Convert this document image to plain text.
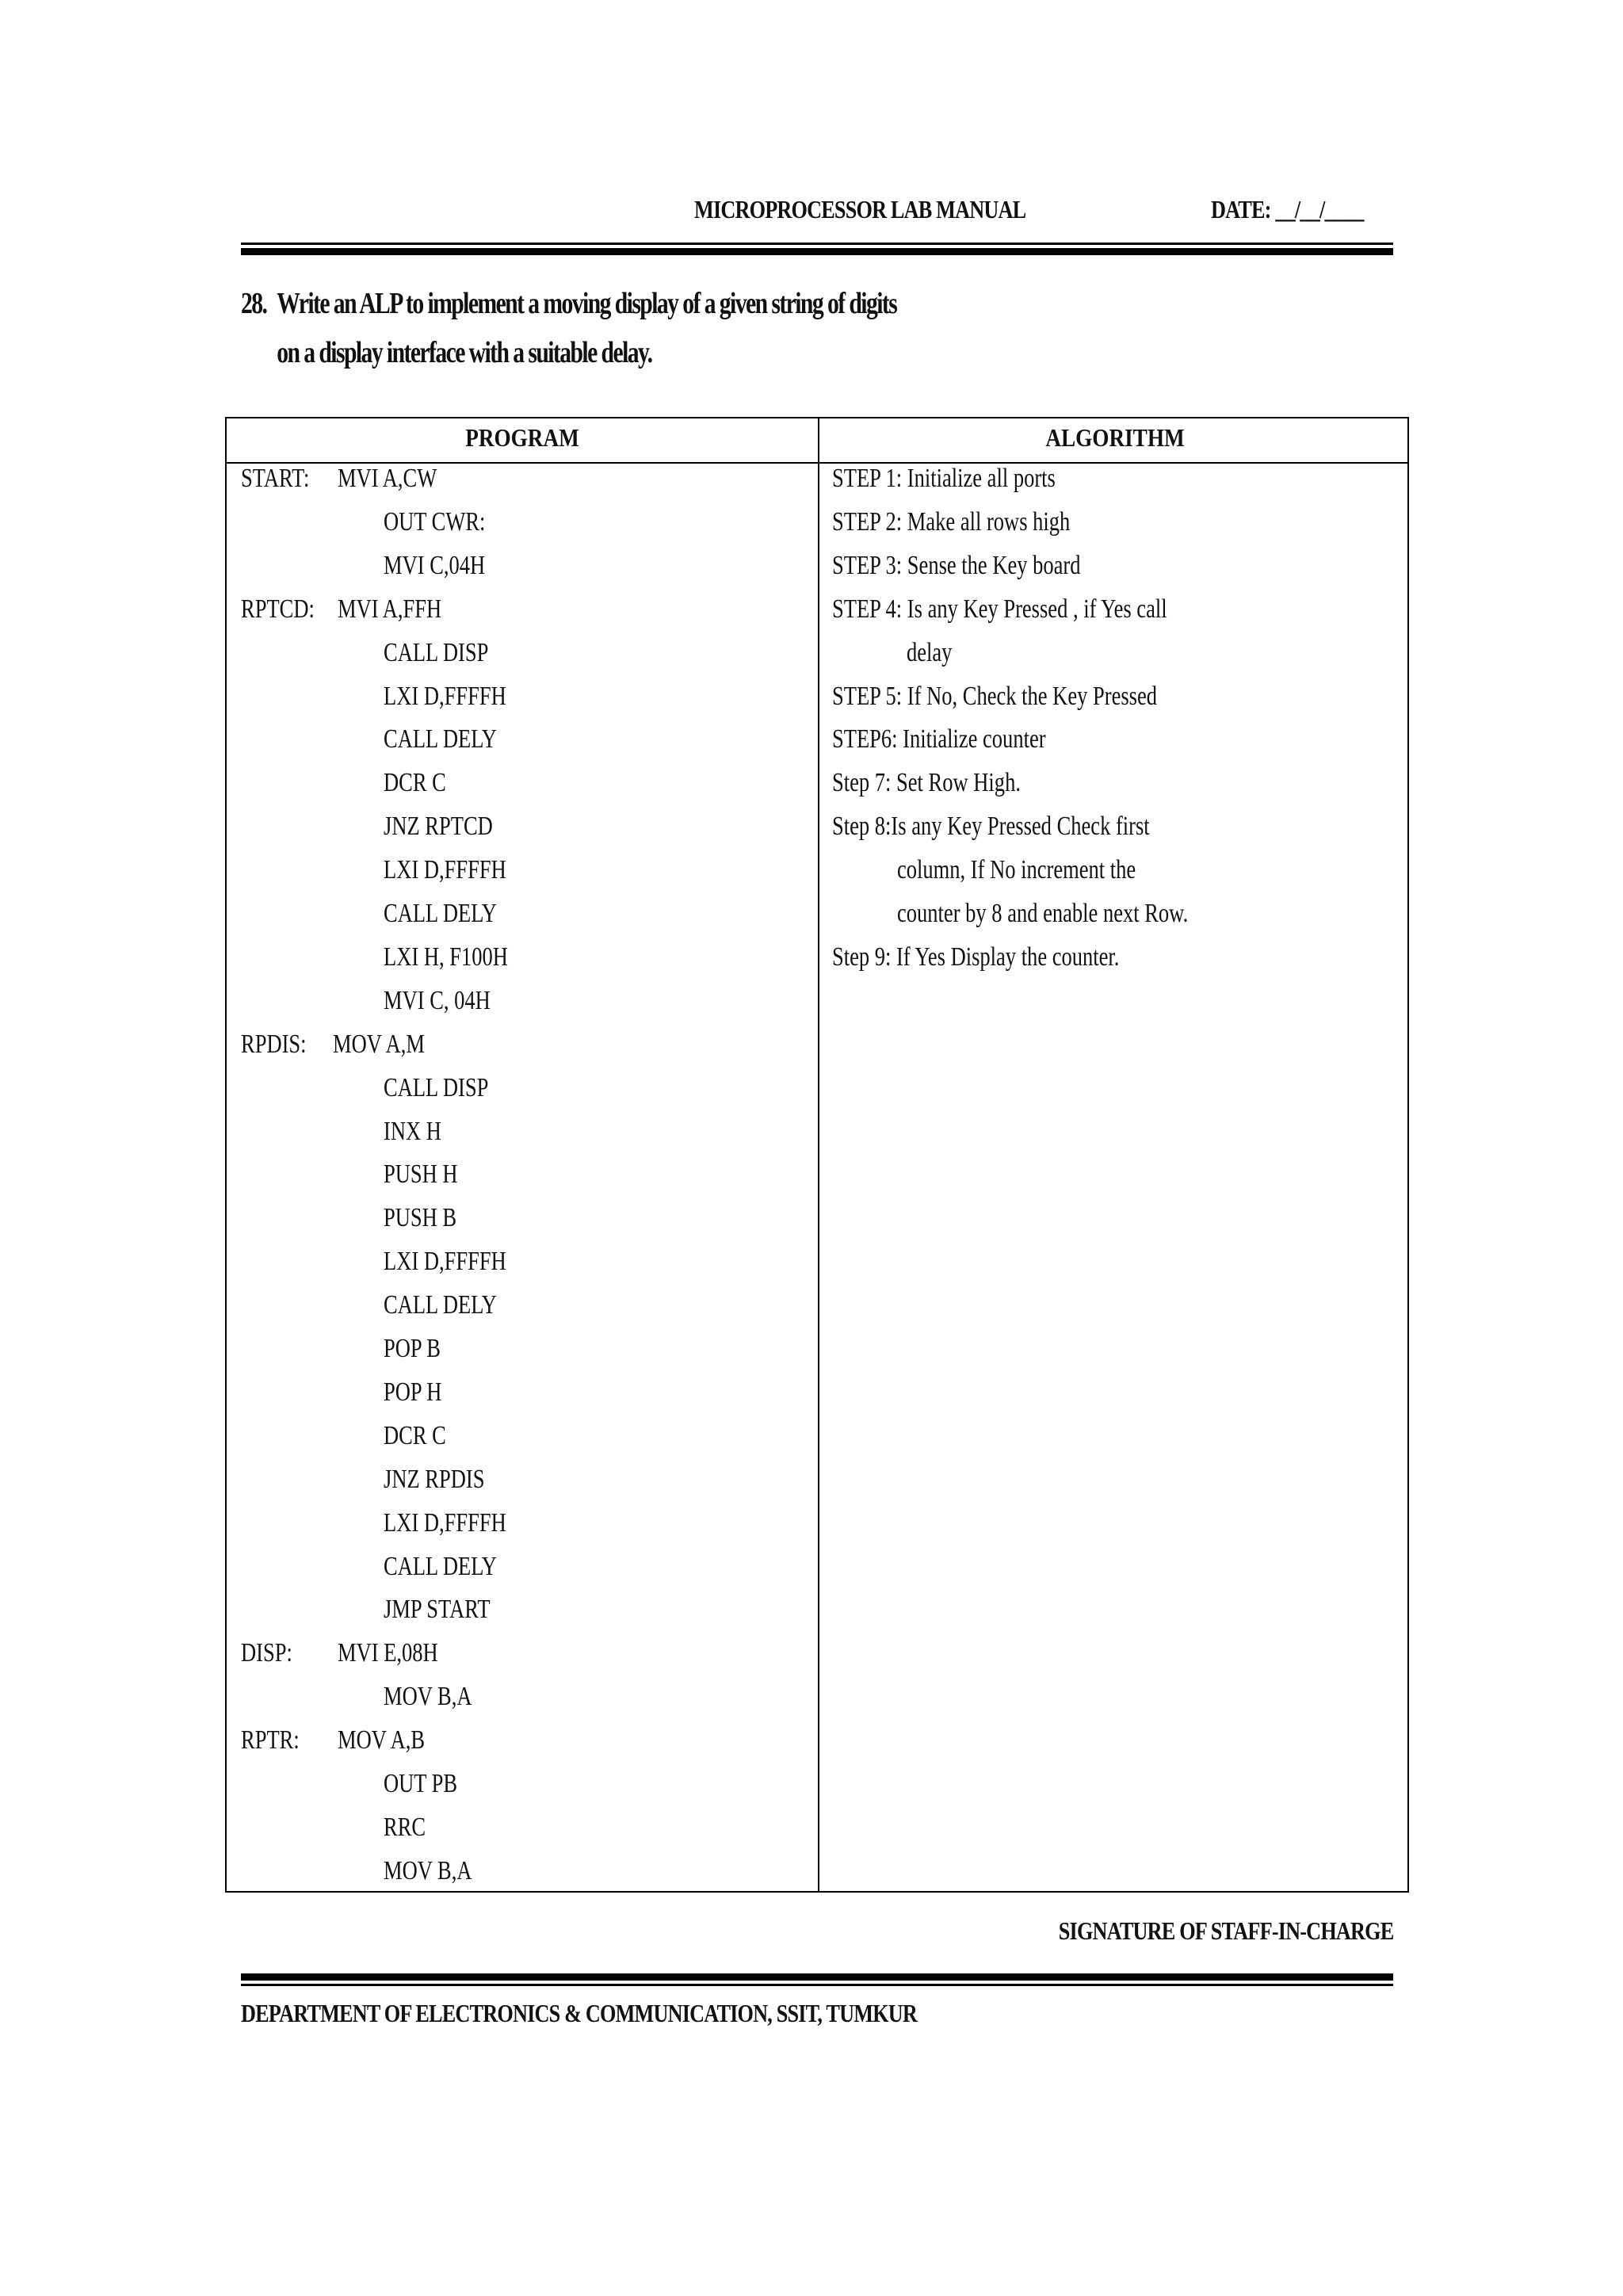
MICROPROCESSOR LAB MANUAL	DATE: __/__/____
28. Write an ALP to implement a moving display of a given string of digits
on a display interface with a suitable delay.
PROGRAM	ALGORITHM
START: MVI A,CW
OUT CWR:
MVI C,04H
RPTCD: MVI A,FFH
CALL DISP
LXI D,FFFFH
CALL DELY
DCR C
JNZ RPTCD
LXI D,FFFFH
CALL DELY
LXI H, F100H
MVI C, 04H
RPDIS: MOV A,M
CALL DISP
INX H
PUSH H
PUSH B
LXI D,FFFFH
CALL DELY
POP B
POP H
DCR C
JNZ RPDIS
LXI D,FFFFH
CALL DELY
JMP START
DISP: MVI E,08H
MOV B,A
RPTR: MOV A,B
OUT PB
RRC
MOV B,A
STEP 1: Initialize all ports
STEP 2: Make all rows high
STEP 3: Sense the Key board
STEP 4: Is any Key Pressed , if Yes call
delay
STEP 5: If No, Check the Key Pressed
STEP6: Initialize counter
Step 7: Set Row High.
Step 8:Is any Key Pressed Check first
column, If No increment the
counter by 8 and enable next Row.
Step 9: If Yes Display the counter.
SIGNATURE OF STAFF-IN-CHARGE
DEPARTMENT OF ELECTRONICS & COMMUNICATION, SSIT, TUMKUR
